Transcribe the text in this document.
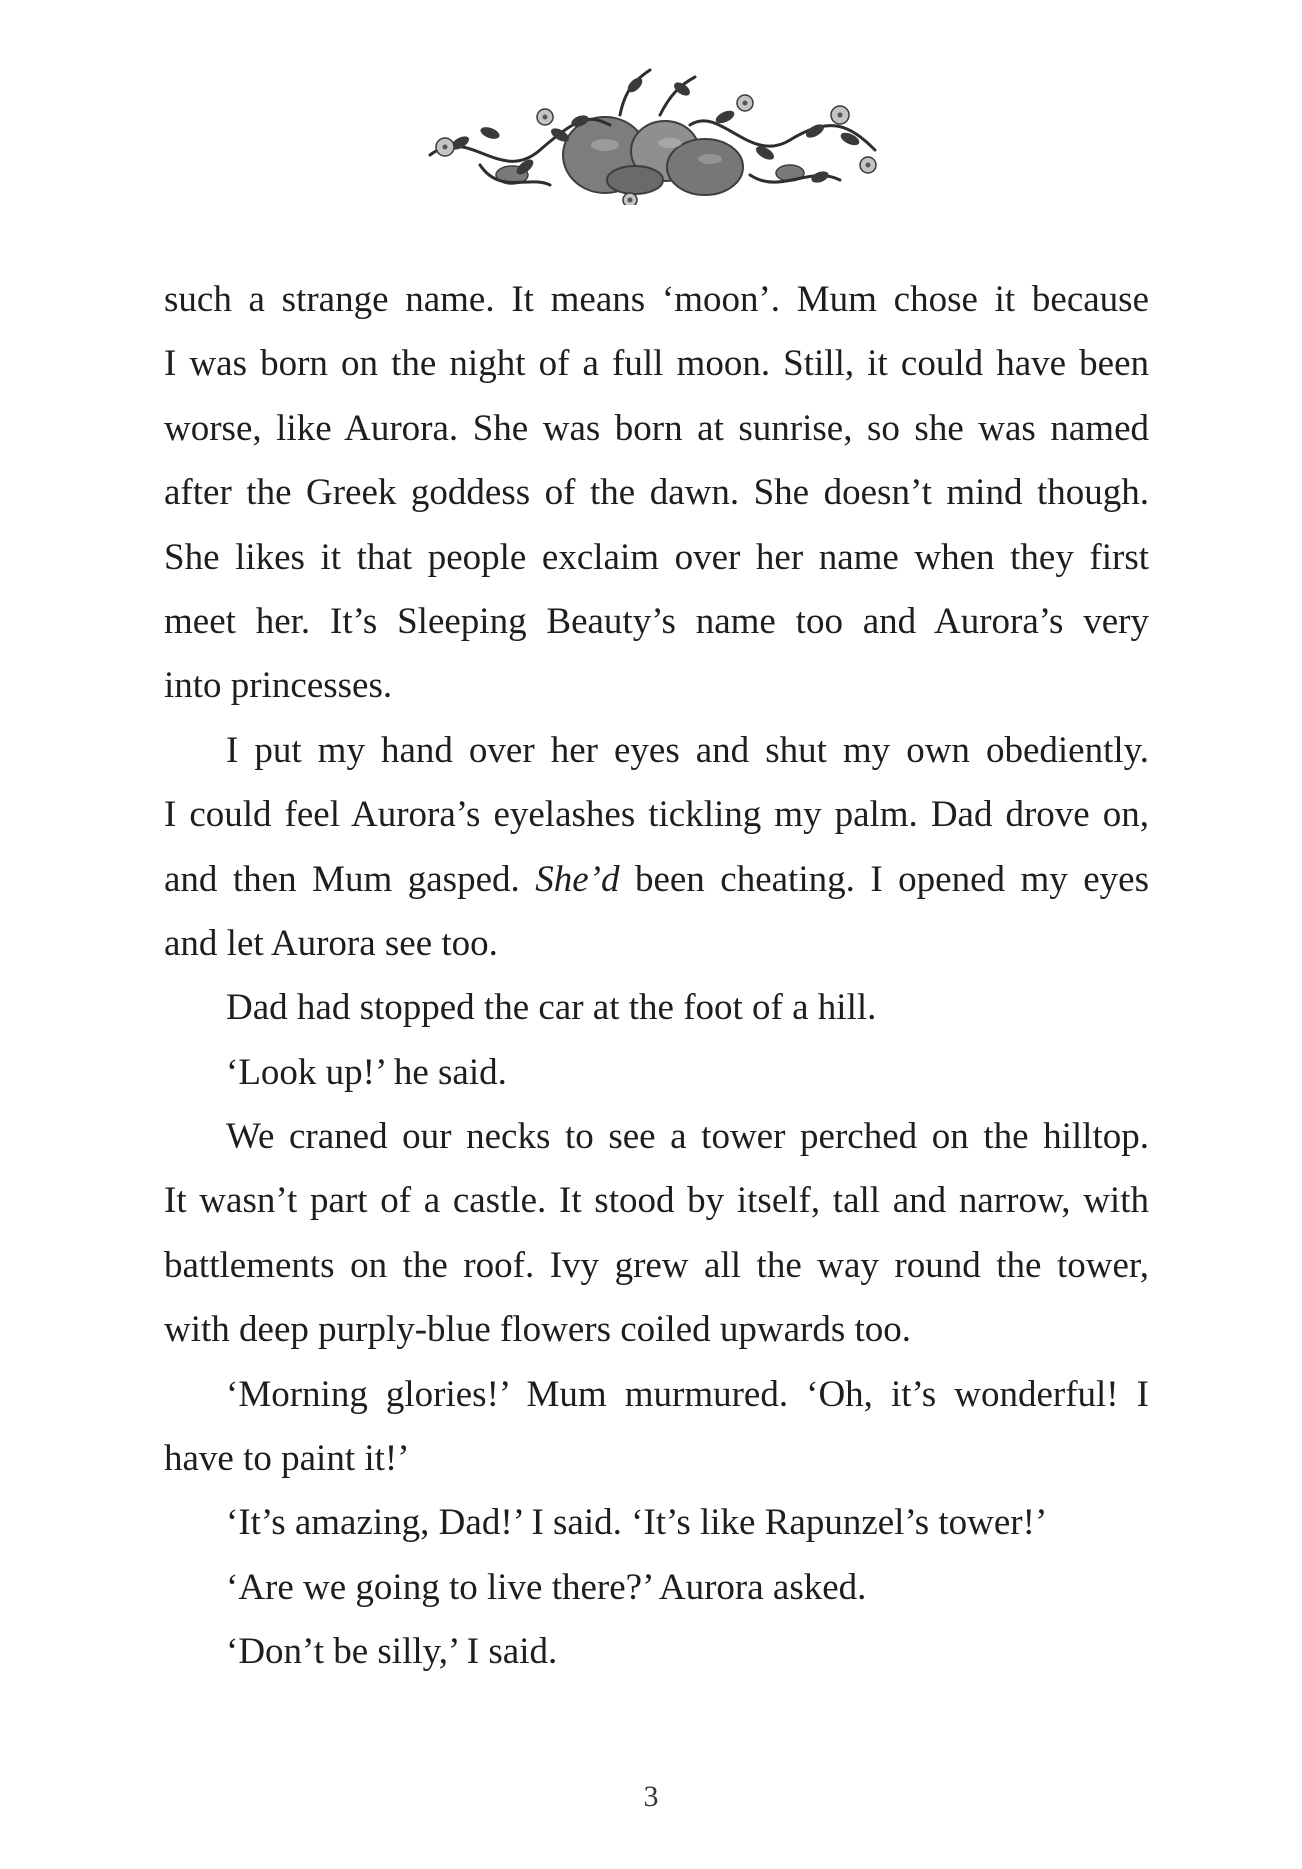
such a strange name. It means ‘moon’. Mum chose it because
I was born on the night of a full moon. Still, it could have been
worse, like Aurora. She was born at sunrise, so she was named
after the Greek goddess of the dawn. She doesn’t mind though.
She likes it that people exclaim over her name when they first
meet her. It’s Sleeping Beauty’s name too and Aurora’s very
into princesses.
I put my hand over her eyes and shut my own obediently.
I could feel Aurora’s eyelashes tickling my palm. Dad drove on,
and then Mum gasped. She’d been cheating. I opened my eyes
and let Aurora see too.
Dad had stopped the car at the foot of a hill.
‘Look up!’ he said.
We craned our necks to see a tower perched on the hilltop.
It wasn’t part of a castle. It stood by itself, tall and narrow, with
battlements on the roof. Ivy grew all the way round the tower,
with deep purply-blue flowers coiled upwards too.
‘Morning glories!’ Mum murmured. ‘Oh, it’s wonderful! I
have to paint it!’
‘It’s amazing, Dad!’ I said. ‘It’s like Rapunzel’s tower!’
‘Are we going to live there?’ Aurora asked.
‘Don’t be silly,’ I said.
3
